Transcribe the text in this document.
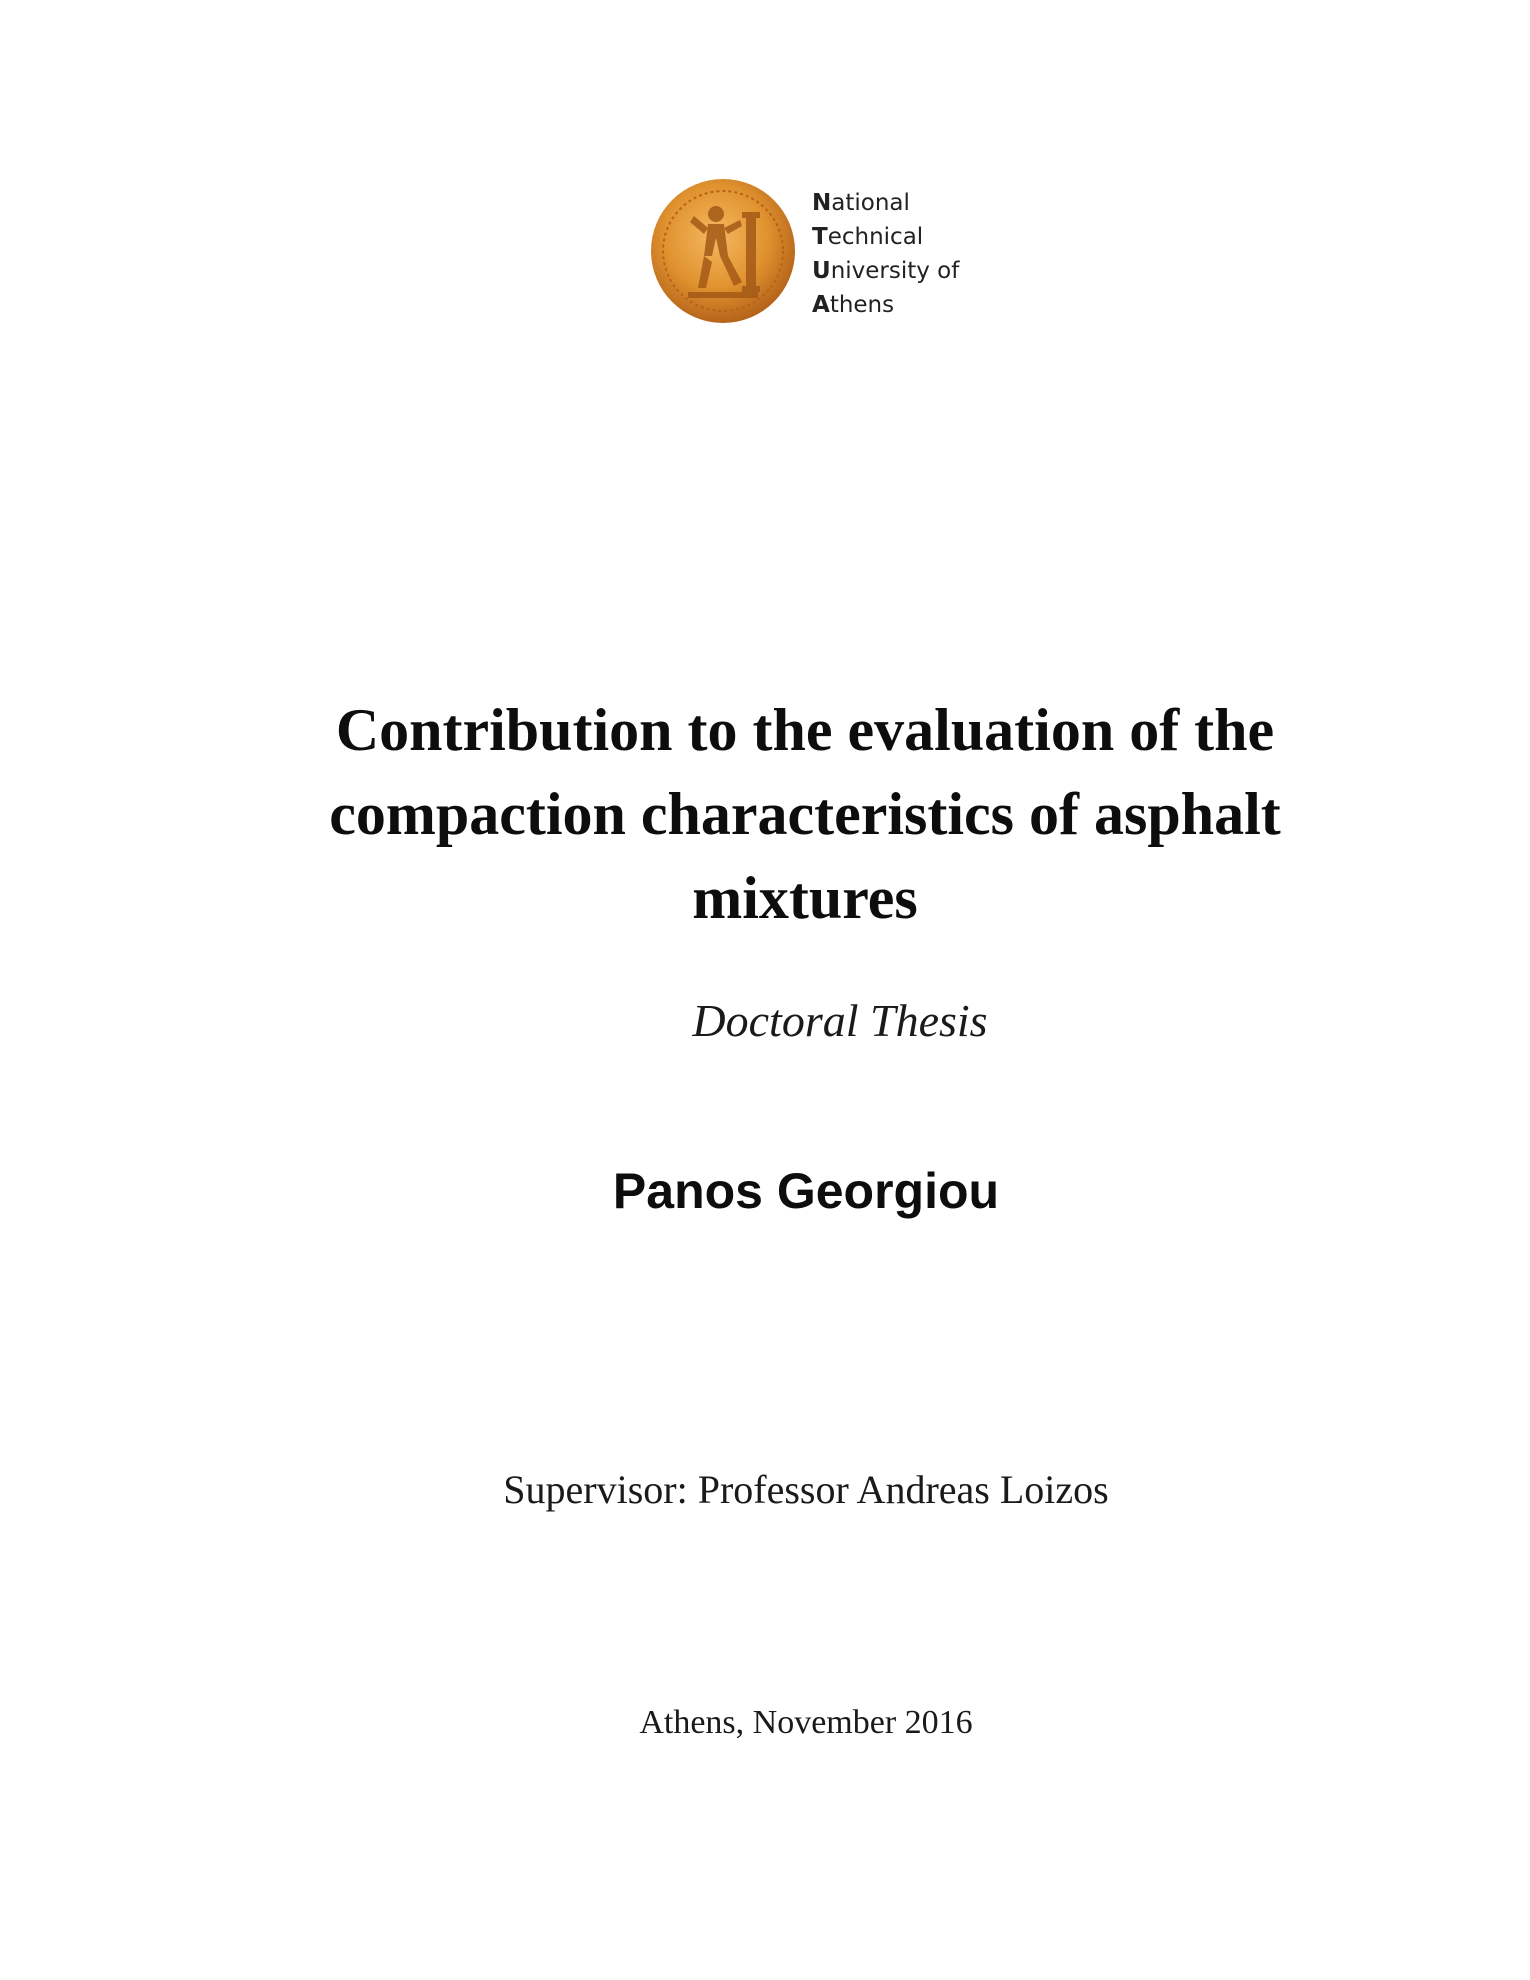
National
Technical
University of
Athens
Contribution to the evaluation of the
compaction characteristics of asphalt
mixtures
Doctoral Thesis
Panos Georgiou
Supervisor: Professor Andreas Loizos
Athens, November 2016
